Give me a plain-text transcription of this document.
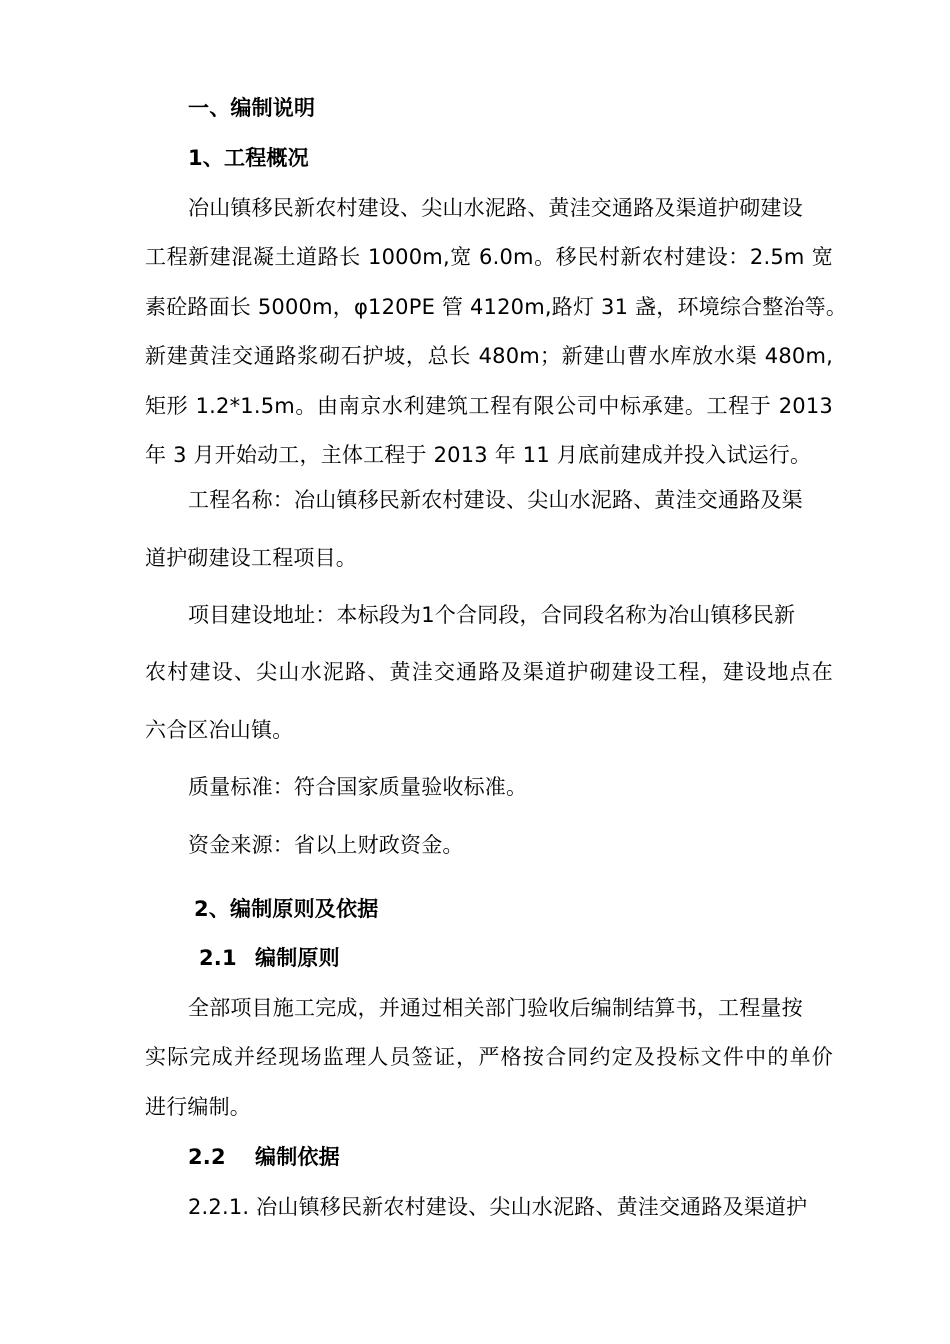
一、编制说明
1、工程概况
冶山镇移民新农村建设、尖山水泥路、黄洼交通路及渠道护砌建设
工程新建混凝土道路长 1000m,宽 6.0m。移民村新农村建设：2.5m 宽
素砼路面长 5000m，φ120PE 管 4120m,路灯 31 盏，环境综合整治等。
新建黄洼交通路浆砌石护坡，总长 480m；新建山曹水库放水渠 480m,
矩形 1.2*1.5m。由南京水利建筑工程有限公司中标承建。工程于 2013
年 3 月开始动工，主体工程于 2013 年 11 月底前建成并投入试运行。
工程名称：冶山镇移民新农村建设、尖山水泥路、黄洼交通路及渠
道护砌建设工程项目。
项目建设地址：本标段为1个合同段，合同段名称为冶山镇移民新
农村建设、尖山水泥路、黄洼交通路及渠道护砌建设工程，建设地点在
六合区冶山镇。
质量标准：符合国家质量验收标准。
资金来源：省以上财政资金。
2、编制原则及依据
2.1 编制原则
全部项目施工完成，并通过相关部门验收后编制结算书，工程量按
实际完成并经现场监理人员签证，严格按合同约定及投标文件中的单价
进行编制。
2.2 编制依据
2.2.1. 冶山镇移民新农村建设、尖山水泥路、黄洼交通路及渠道护
